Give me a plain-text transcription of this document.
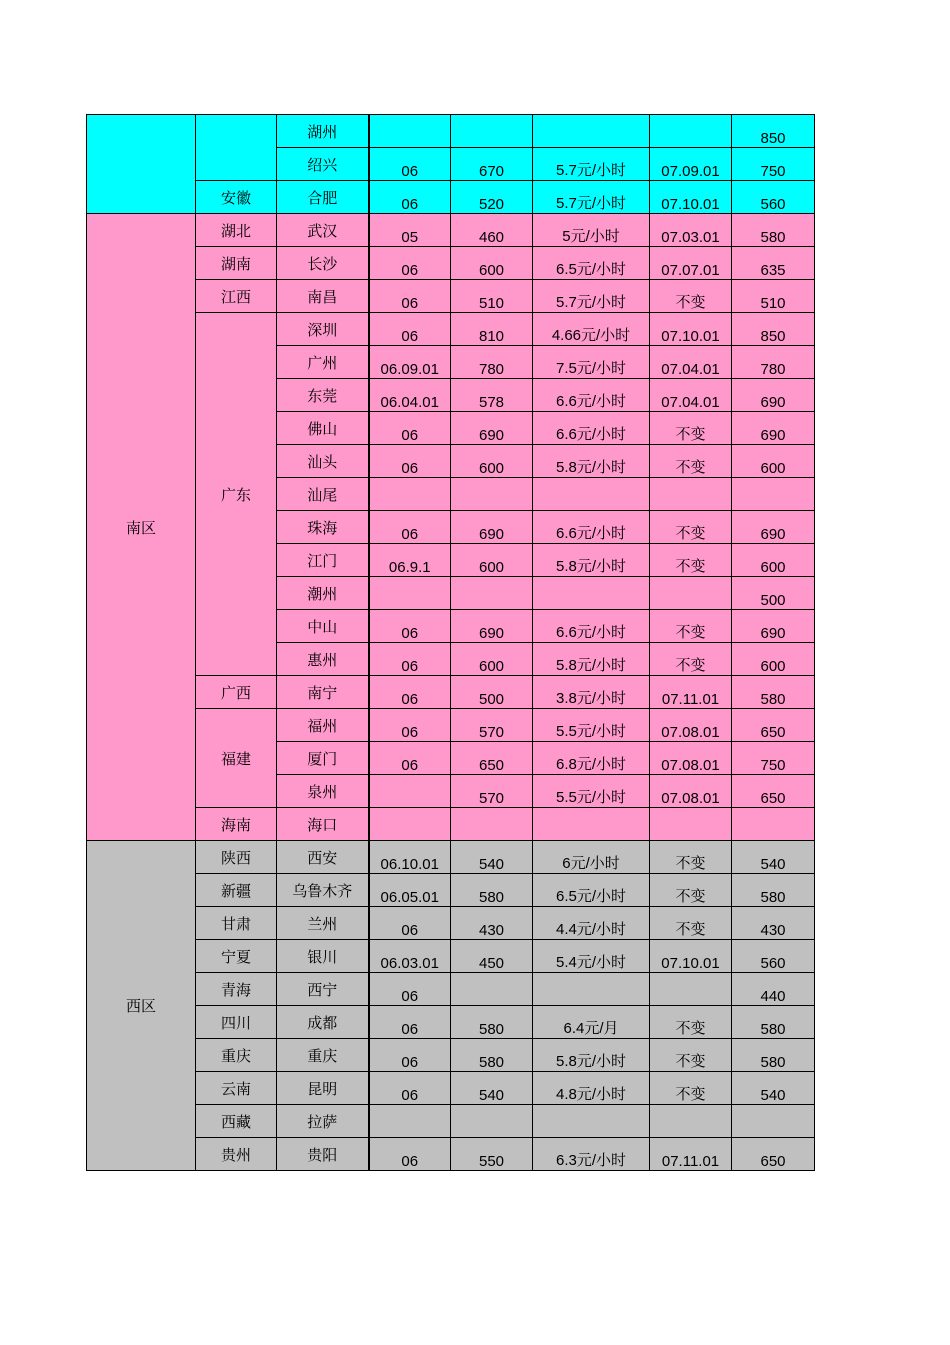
		湖州					850
		绍兴	06	670	5.7元/小时	07.09.01	750
	安徽	合肥	06	520	5.7元/小时	07.10.01	560
南区	湖北	武汉	05	460	5元/小时	07.03.01	580
	湖南	长沙	06	600	6.5元/小时	07.07.01	635
	江西	南昌	06	510	5.7元/小时	不变	510
	广东	深圳	06	810	4.66元/小时	07.10.01	850
		广州	06.09.01	780	7.5元/小时	07.04.01	780
		东莞	06.04.01	578	6.6元/小时	07.04.01	690
		佛山	06	690	6.6元/小时	不变	690
		汕头	06	600	5.8元/小时	不变	600
		汕尾					
		珠海	06	690	6.6元/小时	不变	690
		江门	06.9.1	600	5.8元/小时	不变	600
		潮州					500
		中山	06	690	6.6元/小时	不变	690
		惠州	06	600	5.8元/小时	不变	600
	广西	南宁	06	500	3.8元/小时	07.11.01	580
	福建	福州	06	570	5.5元/小时	07.08.01	650
		厦门	06	650	6.8元/小时	07.08.01	750
		泉州		570	5.5元/小时	07.08.01	650
	海南	海口					
西区	陕西	西安	06.10.01	540	6元/小时	不变	540
	新疆	乌鲁木齐	06.05.01	580	6.5元/小时	不变	580
	甘肃	兰州	06	430	4.4元/小时	不变	430
	宁夏	银川	06.03.01	450	5.4元/小时	07.10.01	560
	青海	西宁	06				440
	四川	成都	06	580	6.4元/月	不变	580
	重庆	重庆	06	580	5.8元/小时	不变	580
	云南	昆明	06	540	4.8元/小时	不变	540
	西藏	拉萨					
	贵州	贵阳	06	550	6.3元/小时	07.11.01	650
